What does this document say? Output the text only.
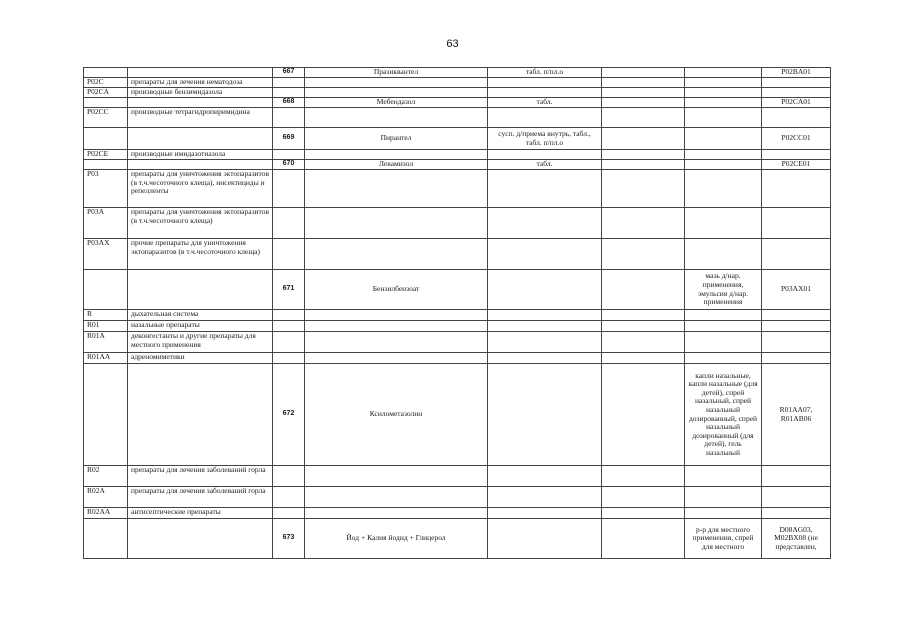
63
		667	Празиквантел	табл. п/пл.о			P02BA01
P02C	препараты для лечения нематодоза						
P02CA	производные бензимидазола						
		668	Мебендазол	табл.			P02CA01
P02CC	производные тетрагидропиримидина						
		669	Пирантел	сусп. д/приема внутрь, табл., табл. п/пл.о			P02CC01
P02CE	производные имидазотиазола						
		670	Левамизол	табл.			P02CE01
P03	препараты для уничтожения эктопаразитов (в т.ч.чесоточного клеща), инсектициды и репелленты						
P03A	препараты для уничтожения эктопаразитов (в т.ч.чесоточного клеща)						
P03AX	прочие препараты для уничтожения эктопаразитов (в т.ч.чесоточного клеща)						
		671	Бензилбензоат			мазь д/нар. применения, эмульсия д/нар. применения	P03AX01
R	дыхательная система						
R01	назальные препараты						
R01A	деконгестанты и другие препараты для местного применения						
R01AA	адреномиметики						
		672	Ксилометазолин			капли назальные, капли назальные (для детей), спрей назальный, спрей назальный дозированный, спрей назальный дозированный (для детей), гель назальный	R01AA07, R01AB06
R02	препараты для лечения заболеваний горла						
R02A	препараты для лечения заболеваний горла						
R02AA	антисептические препараты						
		673	Йод + Калия йодид + Глицерол			р-р для местного применения, спрей для местного	D08AG03, M02BX08 (не представлен,
